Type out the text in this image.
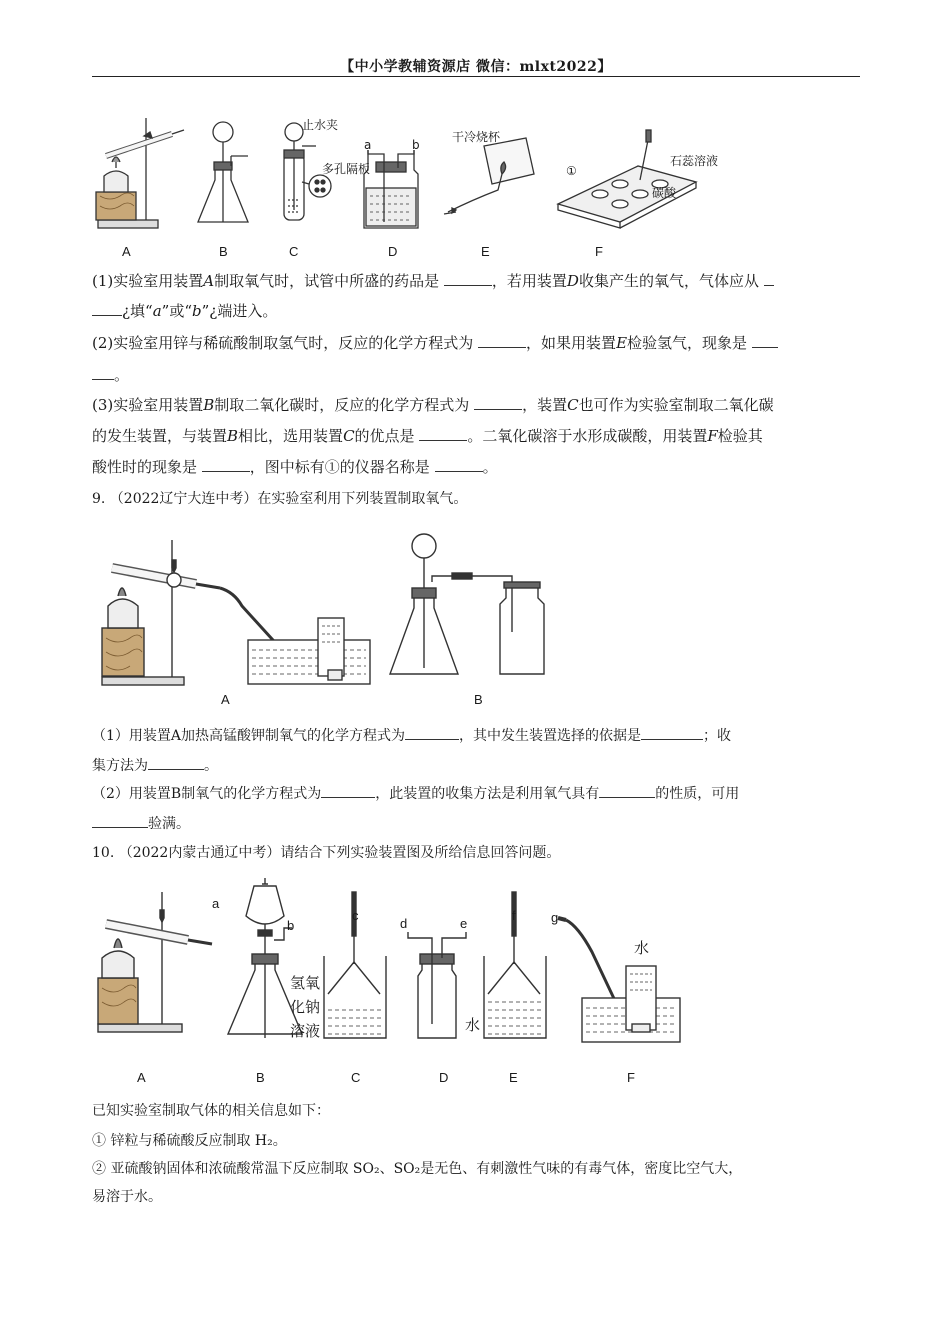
【中小学教辅资源店 微信：mlxt2022】
止水夹
多孔隔板
a	b
干冷烧杯
①
石蕊溶液
碳酸
A	B	C	D	E	F
(1)实验室用装置A制取氧气时，试管中所盛的药品是	，若用装置D收集产生的氧气，气体应从
¿填“a”或“b”¿端进入。
(2)实验室用锌与稀硫酸制取氢气时，反应的化学方程式为	，如果用装置E检验氢气，现象是
。
(3)实验室用装置B制取二氧化碳时，反应的化学方程式为	，装置C也可作为实验室制取二氧化碳
的发生装置，与装置B相比，选用装置C的优点是	。二氧化碳溶于水形成碳酸，用装置F检验其
酸性时的现象是	，图中标有①的仪器名称是	。
9. （2022辽宁大连中考）在实验室利用下列装置制取氧气。
A	B
（1）用装置A加热高锰酸钾制氧气的化学方程式为	，其中发生装置选择的依据是	；收
集方法为	。
（2）用装置B制氧气的化学方程式为	，此装置的收集方法是利用氧气具有	的性质，可用
验满。
10. （2022内蒙古通辽中考）请结合下列实验装置图及所给信息回答问题。
a
b
c
d	e
f	g
氢氧
化钠
溶液	水
水
A	B	C	D	E	F
已知实验室制取气体的相关信息如下：
① 锌粒与稀硫酸反应制取 H₂。
② 亚硫酸钠固体和浓硫酸常温下反应制取 SO₂、SO₂是无色、有刺激性气味的有毒气体，密度比空气大，
易溶于水。
